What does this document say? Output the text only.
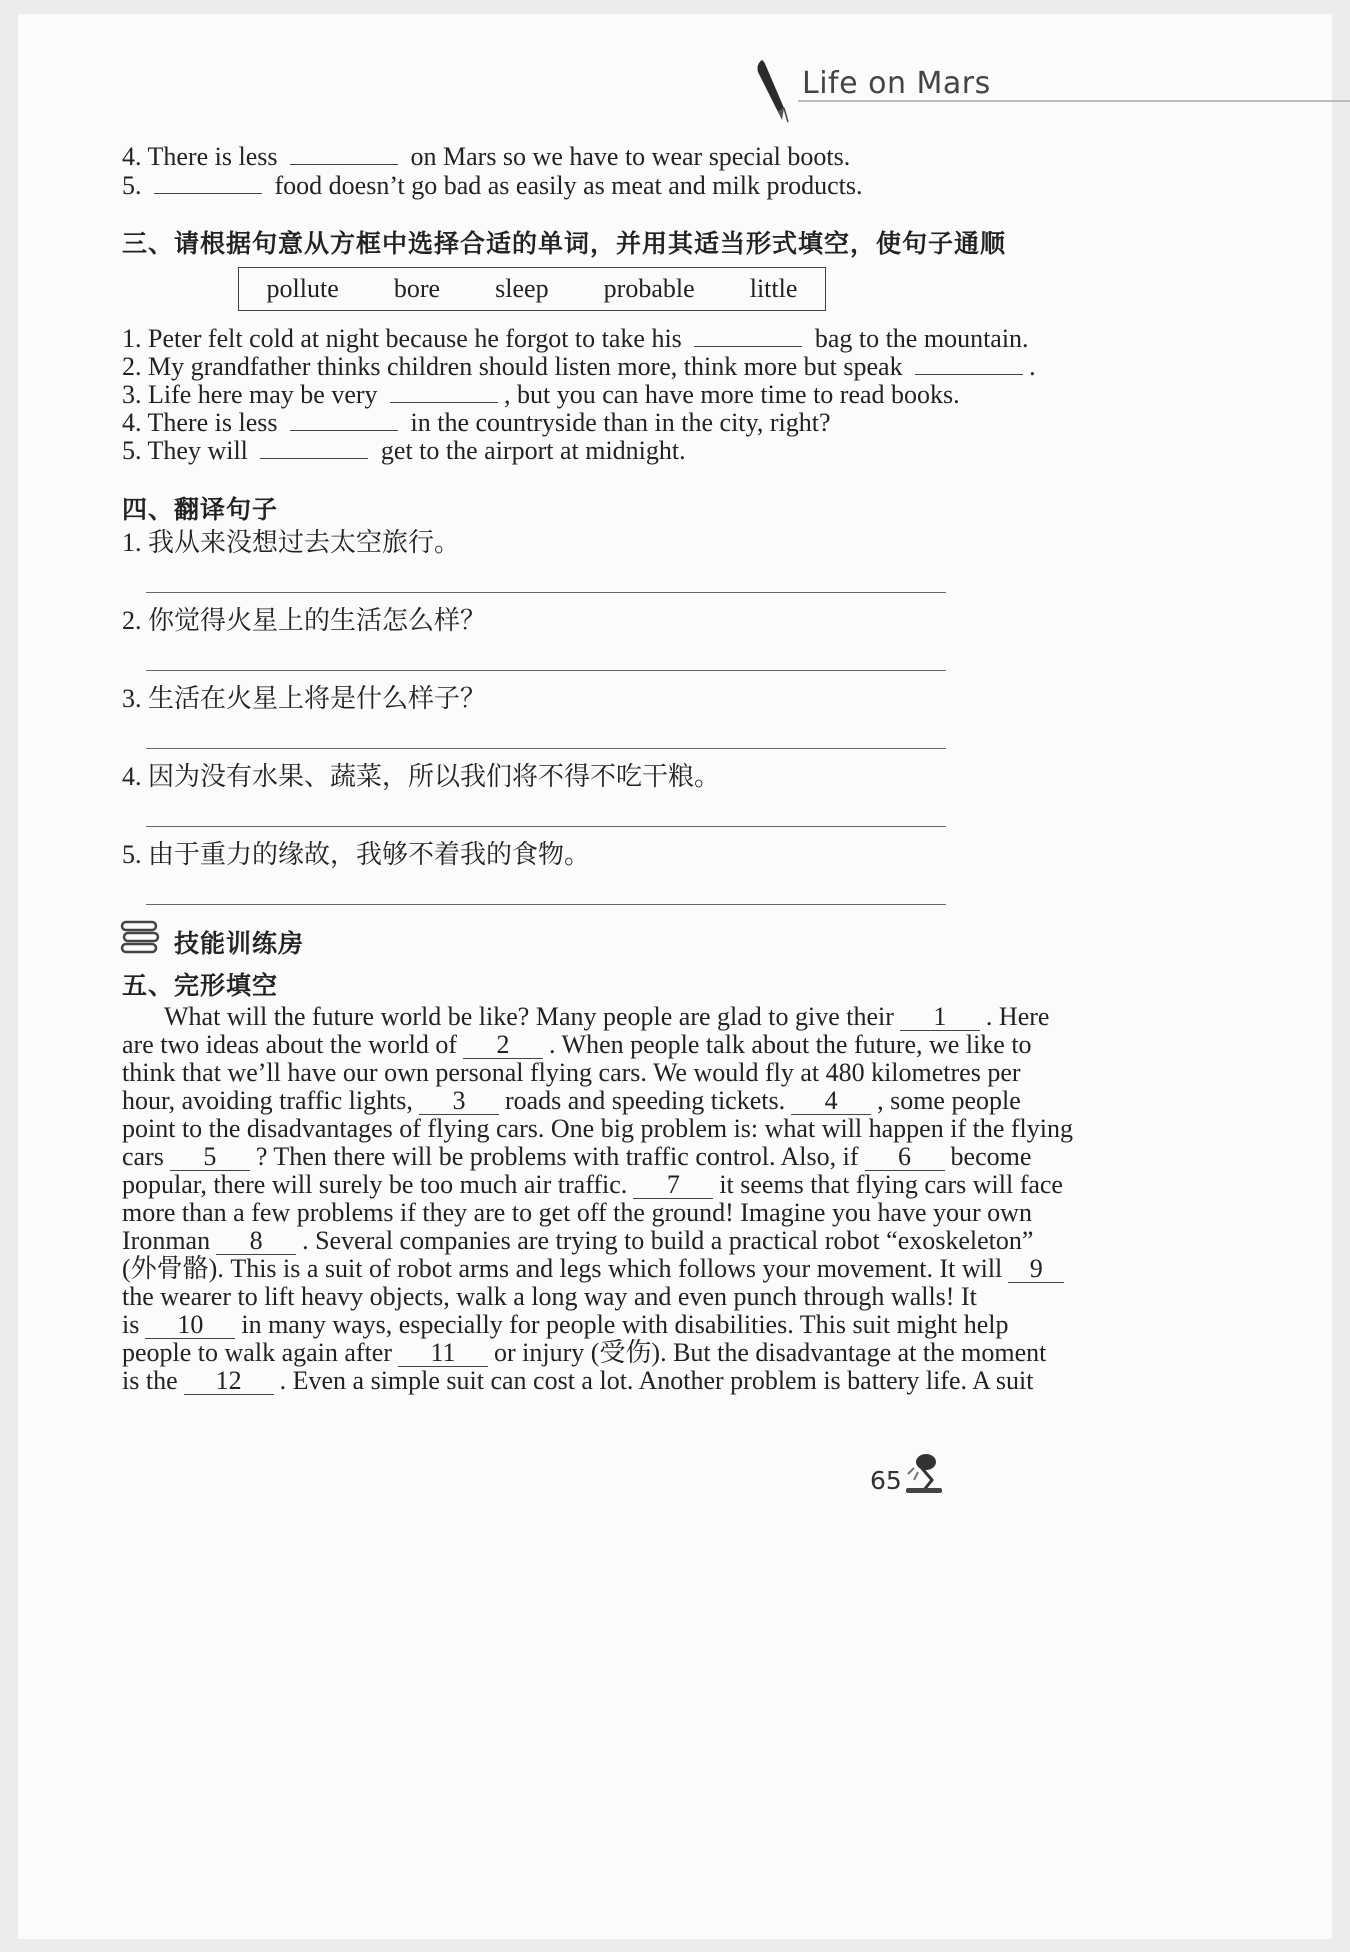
Life on Mars
4. There is less	on Mars so we have to wear special boots.
5.	food doesn’t go bad as easily as meat and milk products.
三、请根据句意从方框中选择合适的单词，并用其适当形式填空，使句子通顺
pollute bore sleep probable little
1. Peter felt cold at night because he forgot to take his	bag to the mountain.
2. My grandfather thinks children should listen more, think more but speak	.
3. Life here may be very	, but you can have more time to read books.
4. There is less	in the countryside than in the city, right?
5. They will	get to the airport at midnight.
四、翻译句子
1. 我从来没想过去太空旅行。
2. 你觉得火星上的生活怎么样？
3. 生活在火星上将是什么样子？
4. 因为没有水果、蔬菜，所以我们将不得不吃干粮。
5. 由于重力的缘故，我够不着我的食物。
技能训练房
五、完形填空
What will the future world be like? Many people are glad to give their 1 . Here
are two ideas about the world of 2 . When people talk about the future, we like to
think that we’ll have our own personal flying cars. We would fly at 480 kilometres per
hour, avoiding traffic lights, 3 roads and speeding tickets. 4 , some people
point to the disadvantages of flying cars. One big problem is: what will happen if the flying
cars 5 ? Then there will be problems with traffic control. Also, if 6 become
popular, there will surely be too much air traffic. 7 it seems that flying cars will face
more than a few problems if they are to get off the ground! Imagine you have your own
Ironman 8 . Several companies are trying to build a practical robot “exoskeleton”
(外骨骼). This is a suit of robot arms and legs which follows your movement. It will 9
the wearer to lift heavy objects, walk a long way and even punch through walls! It
is 10 in many ways, especially for people with disabilities. This suit might help
people to walk again after 11 or injury (受伤). But the disadvantage at the moment
is the 12 . Even a simple suit can cost a lot. Another problem is battery life. A suit
65
